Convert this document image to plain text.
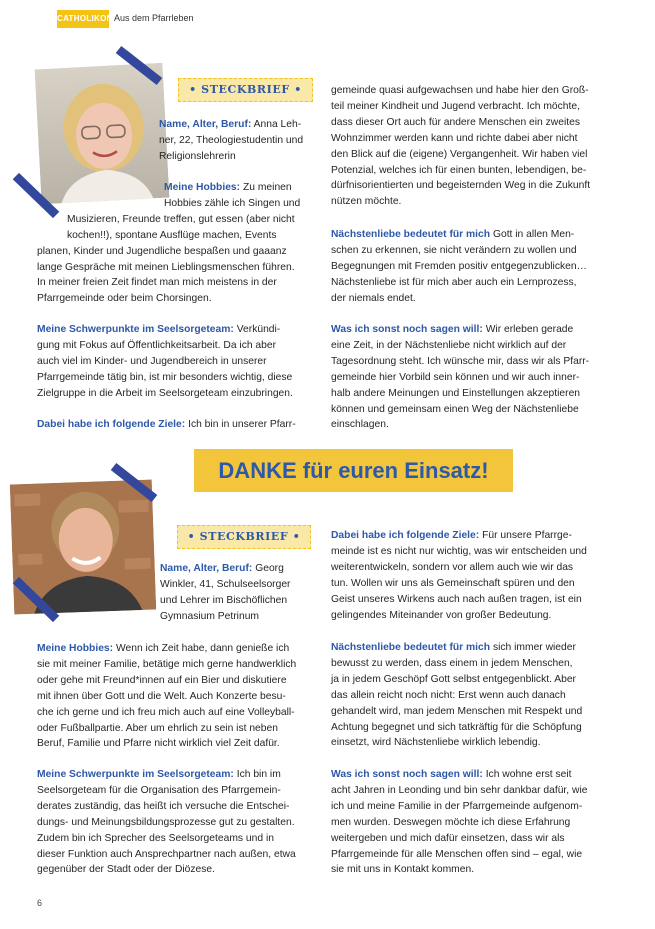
CATHOLIKON Aus dem Pfarrleben
• STECKBRIEF •
Name, Alter, Beruf: Anna Leh-
ner, 22, Theologiestudentin und
Religionslehrerin
Meine Hobbies: Zu meinen
Hobbies zähle ich Singen und
Musizieren, Freunde treffen, gut essen (aber nicht
kochen!!), spontane Ausflüge machen, Events
planen, Kinder und Jugendliche bespaßen und gaaanz
lange Gespräche mit meinen Lieblingsmenschen führen.
In meiner freien Zeit findet man mich meistens in der
Pfarrgemeinde oder beim Chorsingen.
Meine Schwerpunkte im Seelsorgeteam: Verkündi-
gung mit Fokus auf Öffentlichkeitsarbeit. Da ich aber
auch viel im Kinder- und Jugendbereich in unserer
Pfarrgemeinde tätig bin, ist mir besonders wichtig, diese
Zielgruppe in die Arbeit im Seelsorgeteam einzubringen.
Dabei habe ich folgende Ziele: Ich bin in unserer Pfarr-
gemeinde quasi aufgewachsen und habe hier den Groß-
teil meiner Kindheit und Jugend verbracht. Ich möchte,
dass dieser Ort auch für andere Menschen ein zweites
Wohnzimmer werden kann und richte dabei aber nicht
den Blick auf die (eigene) Vergangenheit. Wir haben viel
Potenzial, welches ich für einen bunten, lebendigen, be-
dürfnisorientierten und begeisternden Weg in die Zukunft
nützen möchte.
Nächstenliebe bedeutet für mich Gott in allen Men-
schen zu erkennen, sie nicht verändern zu wollen und
Begegnungen mit Fremden positiv entgegenzublicken…
Nächstenliebe ist für mich aber auch ein Lernprozess,
der niemals endet.
Was ich sonst noch sagen will: Wir erleben gerade
eine Zeit, in der Nächstenliebe nicht wirklich auf der
Tagesordnung steht. Ich wünsche mir, dass wir als Pfarr-
gemeinde hier Vorbild sein können und wir auch inner-
halb andere Meinungen und Einstellungen akzeptieren
können und gemeinsam einen Weg der Nächstenliebe
einschlagen.
DANKE für euren Einsatz!
• STECKBRIEF •
Name, Alter, Beruf: Georg
Winkler, 41, Schulseelsorger
und Lehrer im Bischöflichen
Gymnasium Petrinum
Meine Hobbies: Wenn ich Zeit habe, dann genieße ich
sie mit meiner Familie, betätige mich gerne handwerklich
oder gehe mit Freund*innen auf ein Bier und diskutiere
mit ihnen über Gott und die Welt. Auch Konzerte besu-
che ich gerne und ich freu mich auch auf eine Volleyball-
oder Fußballpartie. Aber um ehrlich zu sein ist neben
Beruf, Familie und Pfarre nicht wirklich viel Zeit dafür.
Meine Schwerpunkte im Seelsorgeteam: Ich bin im
Seelsorgeteam für die Organisation des Pfarrgemein-
derates zuständig, das heißt ich versuche die Entschei-
dungs- und Meinungsbildungsprozesse gut zu gestalten.
Zudem bin ich Sprecher des Seelsorgeteams und in
dieser Funktion auch Ansprechpartner nach außen, etwa
gegenüber der Stadt oder der Diözese.
Dabei habe ich folgende Ziele: Für unsere Pfarrge-
meinde ist es nicht nur wichtig, was wir entscheiden und
weiterentwickeln, sondern vor allem auch wie wir das
tun. Wollen wir uns als Gemeinschaft spüren und den
Geist unseres Wirkens auch nach außen tragen, ist ein
gelingendes Miteinander von großer Bedeutung.
Nächstenliebe bedeutet für mich sich immer wieder
bewusst zu werden, dass einem in jedem Menschen,
ja in jedem Geschöpf Gott selbst entgegenblickt. Aber
das allein reicht noch nicht: Erst wenn auch danach
gehandelt wird, man jedem Menschen mit Respekt und
Achtung begegnet und sich tatkräftig für die Schöpfung
einsetzt, wird Nächstenliebe wirklich lebendig.
Was ich sonst noch sagen will: Ich wohne erst seit
acht Jahren in Leonding und bin sehr dankbar dafür, wie
ich und meine Familie in der Pfarrgemeinde aufgenom-
men wurden. Deswegen möchte ich diese Erfahrung
weitergeben und mich dafür einsetzen, dass wir als
Pfarrgemeinde für alle Menschen offen sind – egal, wie
sie mit uns in Kontakt kommen.
6
